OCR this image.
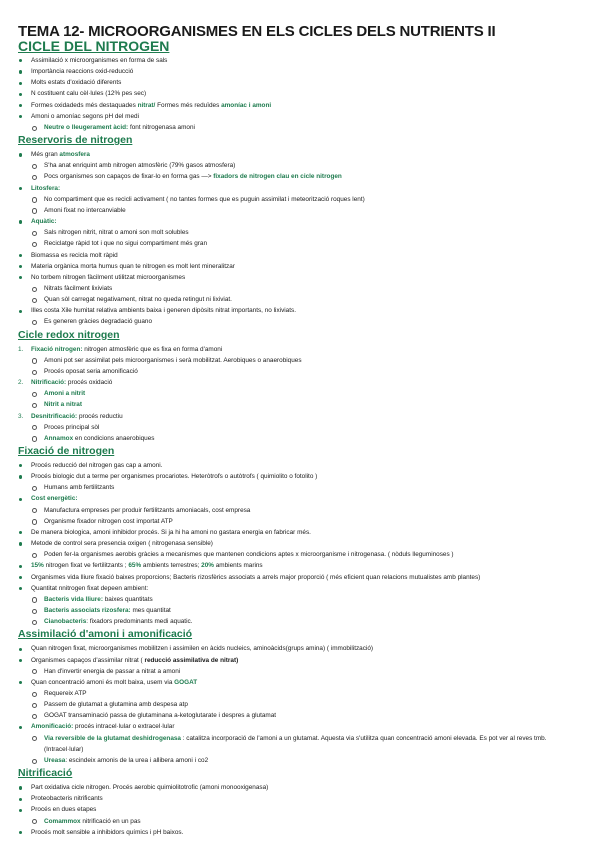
TEMA 12- MICROORGANISMES EN ELS CICLES DELS NUTRIENTS II
CICLE DEL NITROGEN
Assimilació x microorganismes en forma de sals
Importància reaccions oxid-reducció
Molts estats d'oxidació diferents
N costituent calu cèl·lules (12% pes sec)
Formes oxidadeds més destaquades nitrat/ Formes més reduïdes amoníac i amoni
Amoni o amoníac segons pH del medi
Neutre o lleugerament àcid: font nitrogenasa amoni
Reservoris de nitrogen
Més gran atmosfera
S'ha anat enriquint amb nitrogen atmosfèric (79% gasos atmosfera)
Pocs organismes son capaços de fixar-lo en forma gas —> fixadors de nitrogen clau en cicle nitrogen
Litosfera:
No compartiment que es recicli activament ( no tantes formes que es puguin assimilat i meteorització roques lent)
Amoni fixat no intercanviable
Aquàtic:
Sals nitrogen nitrit, nitrat o amoni son molt solubles
Reciclatge ràpid tot i que no sigui compartiment més gran
Biomassa es recicla molt ràpid
Materia orgànica morta humus quan te nitrogen es molt lent mineralitzar
No torbem nitrogen fàcilment utilitzat microorganismes
Nitrats fàcilment lixiviats
Quan sòl carregat negativament, nitrat no queda retingut ni lixiviat.
Illes costa Xile humitat relativa ambients baixa i generen dipòsits nitrat importants, no lixiviats.
Es generen gràcies degradació guano
Cicle redox nitrogen
1. Fixació nitrogen: nitrogen atmosfèric que es fixa en forma d'amoni
Amoni pot ser assimilat pels microorganismes i serà mobilitzat. Aerobiques o anaerobiques
Procés oposat seria amonificació
2. Nitrificació: procés oxidació
Amoni a nitrit
Nitrit a nitrat
3. Desnitrificació: procés reductiu
Proces principal sòl
Annamox en condicions anaerobiques
Fixació de nitrogen
Procés reducció del nitrogen gas cap a amoni.
Procés biologic dut a terme per organismes procariotes. Heteròtrofs o autòtrofs ( quimiolito o fotolito )
Humans amb fertilitzants
Cost energètic:
Manufactura empreses per produir fertilitzants amoniacals, cost empresa
Organisme fixador nitrogen cost importat ATP
De manera biologica, amoni inhibidor procés. Si ja hi ha amoni no gastara energia en fabricar més.
Metode de control sera presencia oxigen ( nitrogenasa sensible)
Poden fer-la organismes aerobis gràcies a mecanismes que mantenen condicions aptes x microorganisme i nitrogenasa. ( nòduls lleguminoses )
15% nitrogen fixat ve fertilitzants ; 65% ambients terrestres; 20% ambients marins
Organismes vida lliure fixació baixes proporcions; Bacteris rizosfèrics associats a arrels major proporció ( més eficient quan relacions mutualistes amb plantes)
Quantitat nnitrogen fixat depeen ambient:
Bacteris vida lliure: baixes quantitats
Bacteris associats rizosfera: mes quantitat
Cianobacteris: fixadors predominants medi aquatic.
Assimilació d'amoni i amonificació
Quan nitrogen fixat, microorganismes mobilitzen i assimilen en àcids nucleics, aminoàcids(grups amina) ( immobilització)
Organismes capaços d'assimilar nitrat ( reducció assimilativa de nitrat)
Han d'invertir energia de passar a nitrat a amoni
Quan concentració amoni és molt baixa, usem via GOGAT
Requereix ATP
Passem de glutamat a glutamina amb despesa atp
GOGAT transaminació passa de glutaminana a-ketoglutarate i despres a glutamat
Amonificació: procés intracel·lular o extracel·lular
Via reversible de la glutamat deshidrogenasa : catalitza incorporació de l'amoni a un glutamat. Aquesta via s'utilitza quan concentració amoni elevada. Es pot ver al reves tmb. (Intracel·lular)
Ureasa: escindeix amonis de la urea i allibera amoni i co2
Nitrificació
Part oxidativa cicle nitrogen. Procés aerobic quimiolitotrofic (amoni monooxigenasa)
Proteobacteris nitrificants
Procés en dues etapes
Comammox nitrificació en un pas
Procés molt sensible a inhibidors químics i pH baixos.
